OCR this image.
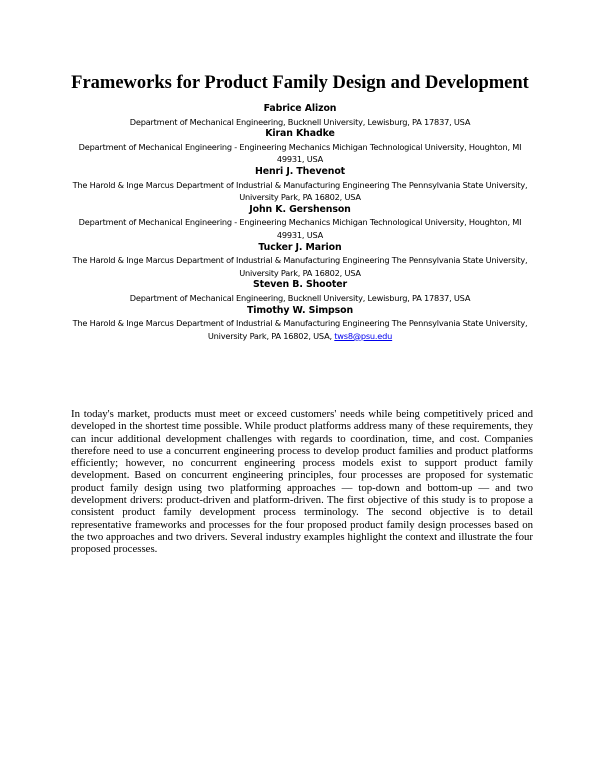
Frameworks for Product Family Design and Development
Fabrice Alizon
Department of Mechanical Engineering, Bucknell University, Lewisburg, PA 17837, USA
Kiran Khadke
Department of Mechanical Engineering - Engineering Mechanics Michigan Technological University, Houghton, MI 49931, USA
Henri J. Thevenot
The Harold & Inge Marcus Department of Industrial & Manufacturing Engineering The Pennsylvania State University, University Park, PA 16802, USA
John K. Gershenson
Department of Mechanical Engineering - Engineering Mechanics Michigan Technological University, Houghton, MI 49931, USA
Tucker J. Marion
The Harold & Inge Marcus Department of Industrial & Manufacturing Engineering The Pennsylvania State University, University Park, PA 16802, USA
Steven B. Shooter
Department of Mechanical Engineering, Bucknell University, Lewisburg, PA 17837, USA
Timothy W. Simpson
The Harold & Inge Marcus Department of Industrial & Manufacturing Engineering The Pennsylvania State University, University Park, PA 16802, USA, tws8@psu.edu

In today's market, products must meet or exceed customers' needs while being competitively priced and developed in the shortest time possible. While product platforms address many of these requirements, they can incur additional development challenges with regards to coordination, time, and cost. Companies therefore need to use a concurrent engineering process to develop product families and product platforms efficiently; however, no concurrent engineering process models exist to support product family development. Based on concurrent engineering principles, four processes are proposed for systematic product family design using two platforming approaches — top-down and bottom-up — and two development drivers: product-driven and platform-driven. The first objective of this study is to propose a consistent product family development process terminology. The second objective is to detail representative frameworks and processes for the four proposed product family design processes based on the two approaches and two drivers. Several industry examples highlight the context and illustrate the four proposed processes.
